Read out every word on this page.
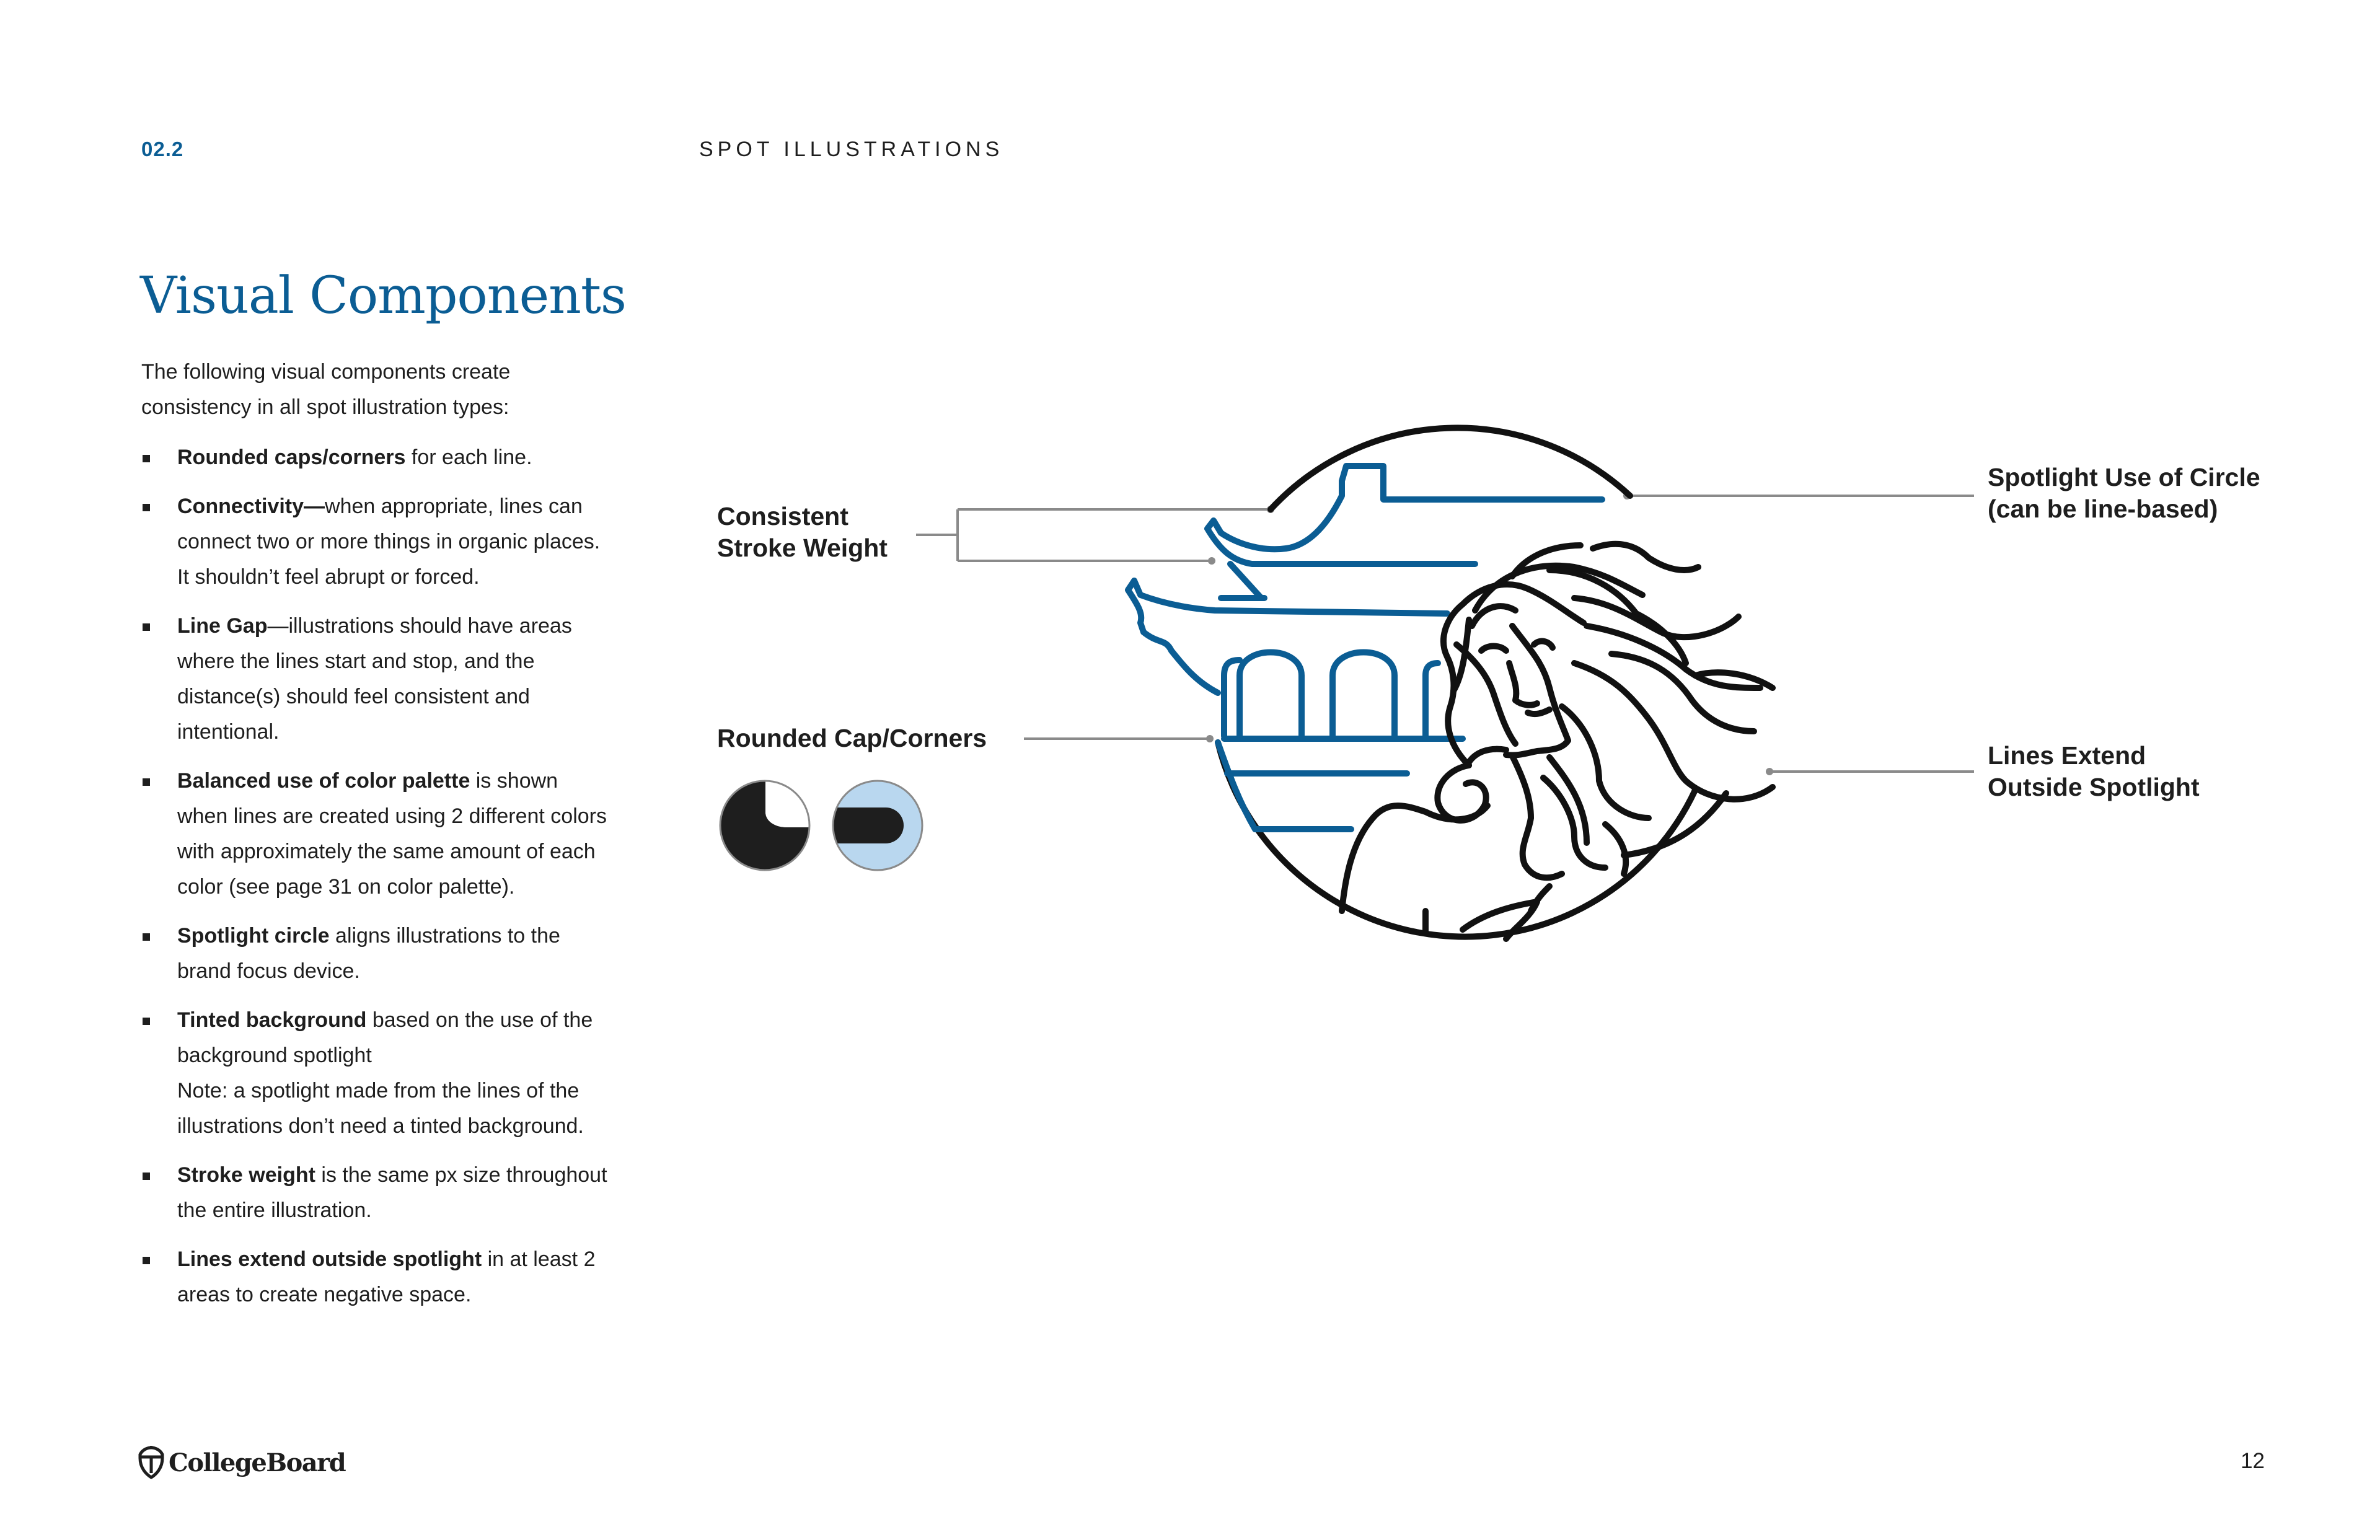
02.2	SPOT ILLUSTRATIONS
Visual Components

The following visual components create consistency in all spot illustration types:

Rounded caps/corners for each line.
Connectivity—when appropriate, lines can connect two or more things in organic places. It shouldn’t feel abrupt or forced.
Line Gap—illustrations should have areas where the lines start and stop, and the distance(s) should feel consistent and intentional.
Balanced use of color palette is shown when lines are created using 2 different colors with approximately the same amount of each color (see page 31 on color palette).
Spotlight circle aligns illustrations to the brand focus device.
Tinted background based on the use of the background spotlight
Note: a spotlight made from the lines of the illustrations don’t need a tinted background.
Stroke weight is the same px size throughout the entire illustration.
Lines extend outside spotlight in at least 2 areas to create negative space.
Consistent
Stroke Weight
Rounded Cap/Corners
Spotlight Use of Circle
(can be line-based)
Lines Extend
Outside Spotlight
CollegeBoard	12
